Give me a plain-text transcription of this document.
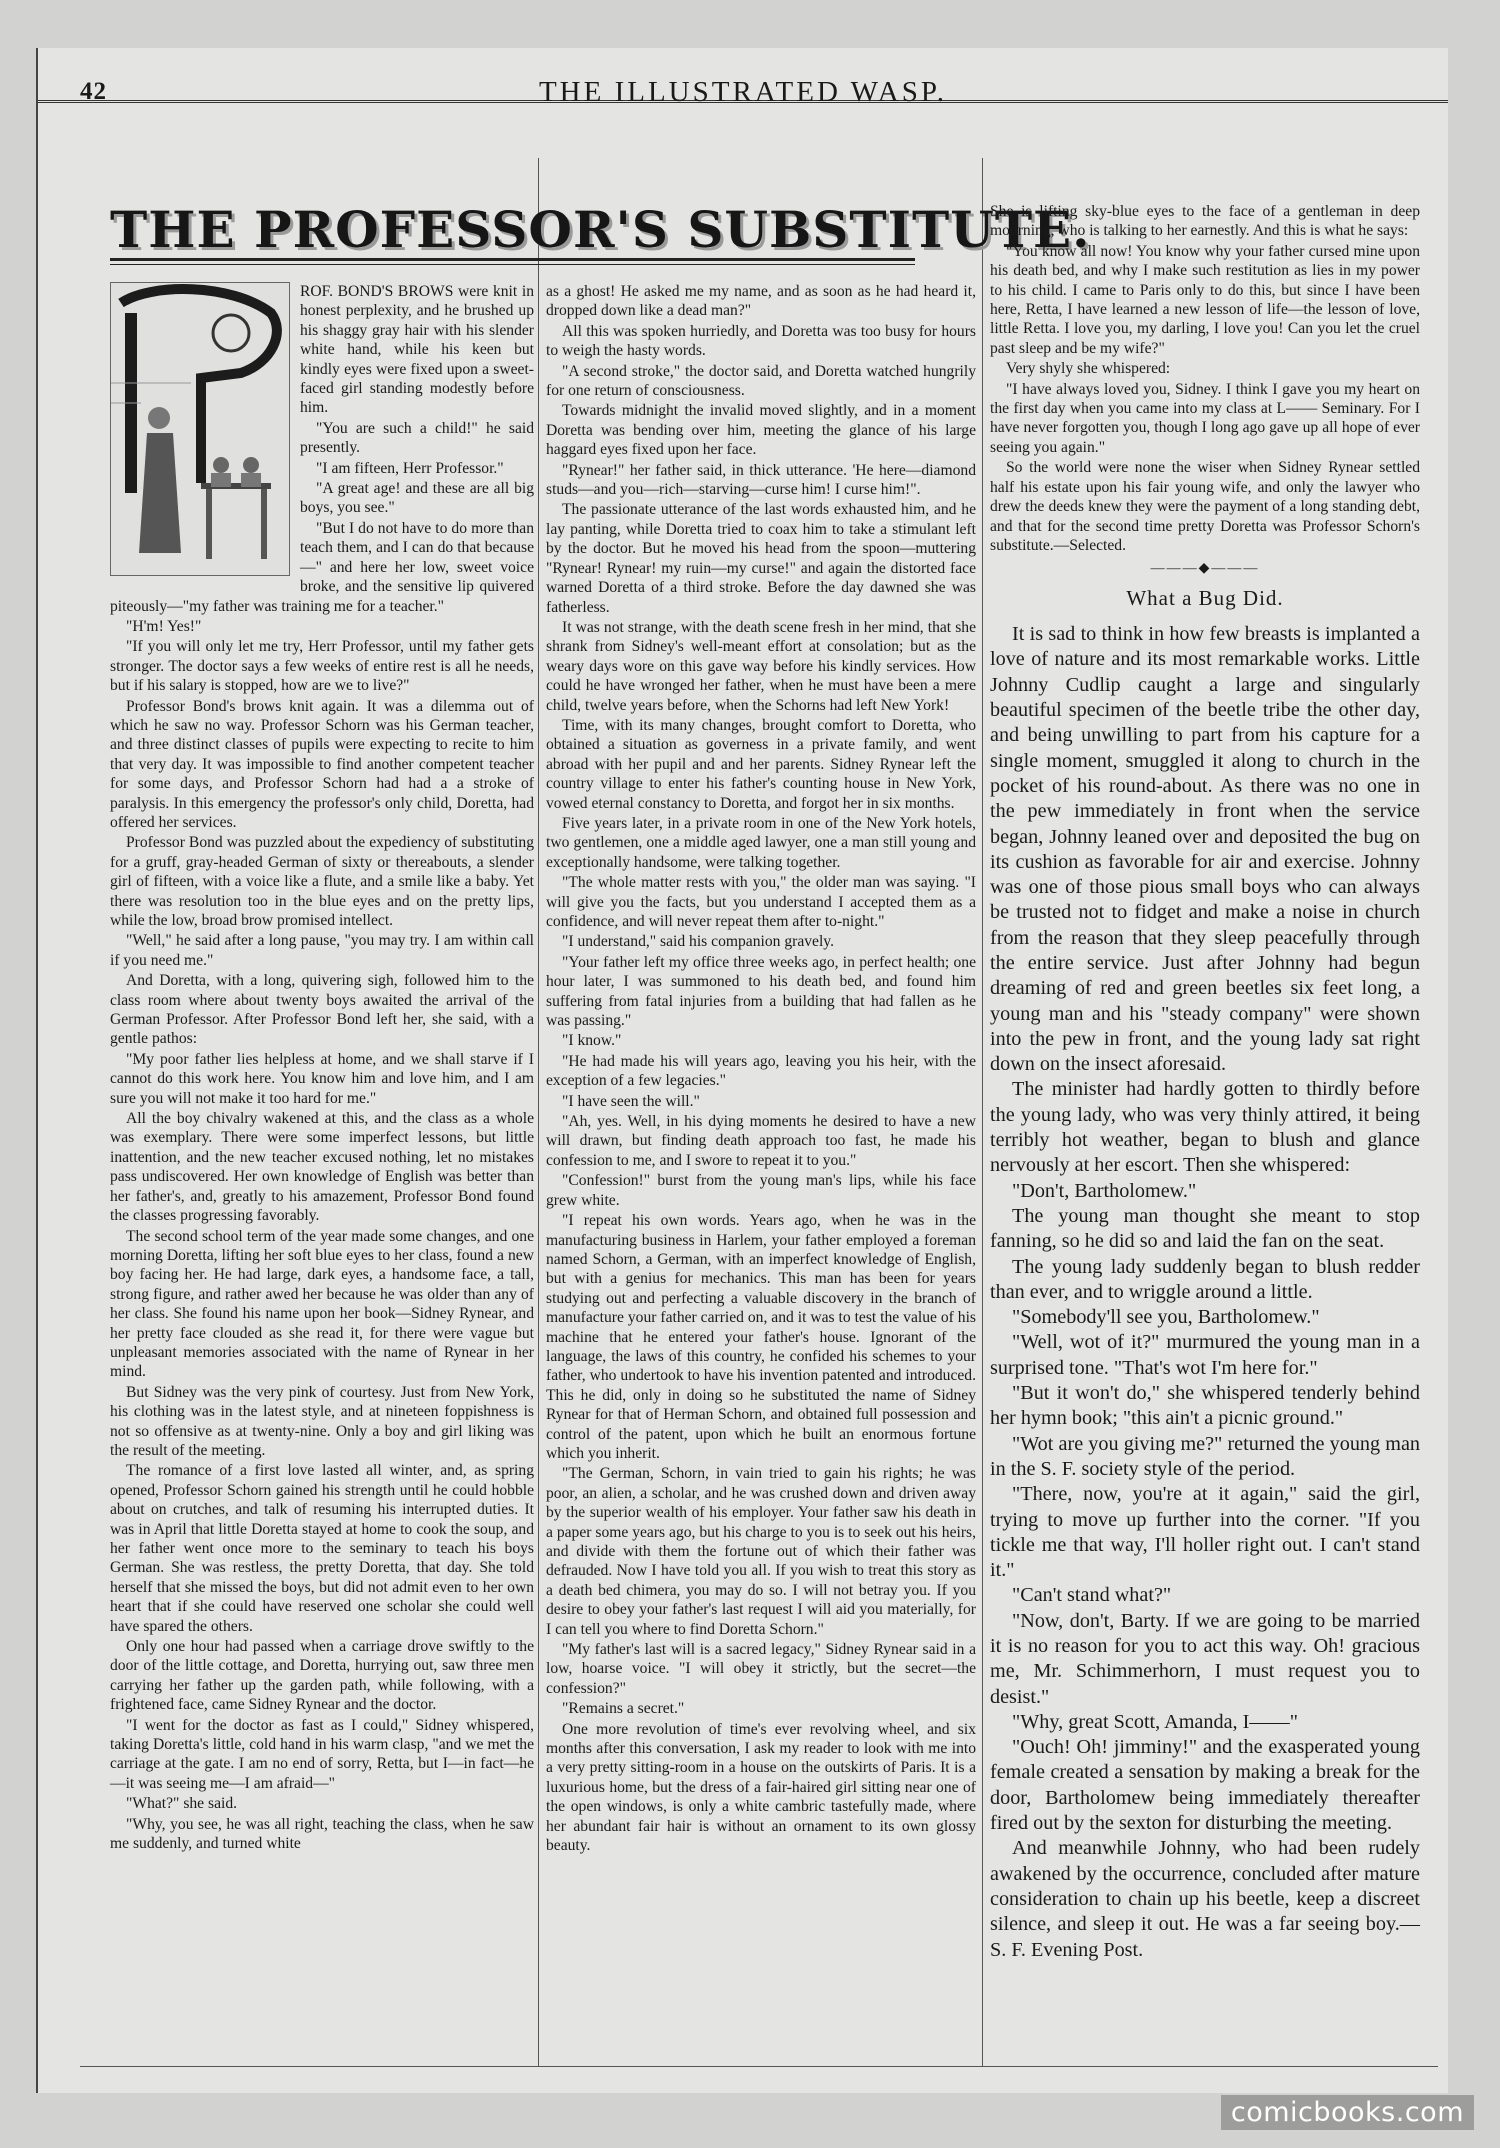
42	THE ILLUSTRATED WASP.
THE PROFESSOR'S SUBSTITUTE.

ROF. BOND'S BROWS were knit in honest perplexity, and he brushed up his shaggy gray hair with his slender white hand, while his keen but kindly eyes were fixed upon a sweet-faced girl standing modestly before him.

"You are such a child!" he said presently.

"I am fifteen, Herr Professor."

"A great age! and these are all big boys, you see."

"But I do not have to do more than teach them, and I can do that because—" and here her low, sweet voice broke, and the sensitive lip quivered piteously—"my father was training me for a teacher."

"H'm! Yes!"

"If you will only let me try, Herr Professor, until my father gets stronger. The doctor says a few weeks of entire rest is all he needs, but if his salary is stopped, how are we to live?"

Professor Bond's brows knit again. It was a dilemma out of which he saw no way. Professor Schorn was his German teacher, and three distinct classes of pupils were expecting to recite to him that very day. It was impossible to find another competent teacher for some days, and Professor Schorn had had a a stroke of paralysis. In this emergency the professor's only child, Doretta, had offered her services.

Professor Bond was puzzled about the expediency of substituting for a gruff, gray-headed German of sixty or thereabouts, a slender girl of fifteen, with a voice like a flute, and a smile like a baby. Yet there was resolution too in the blue eyes and on the pretty lips, while the low, broad brow promised intellect.

"Well," he said after a long pause, "you may try. I am within call if you need me."

And Doretta, with a long, quivering sigh, followed him to the class room where about twenty boys awaited the arrival of the German Professor. After Professor Bond left her, she said, with a gentle pathos:

"My poor father lies helpless at home, and we shall starve if I cannot do this work here. You know him and love him, and I am sure you will not make it too hard for me."

All the boy chivalry wakened at this, and the class as a whole was exemplary. There were some imperfect lessons, but little inattention, and the new teacher excused nothing, let no mistakes pass undiscovered. Her own knowledge of English was better than her father's, and, greatly to his amazement, Professor Bond found the classes progressing favorably.

The second school term of the year made some changes, and one morning Doretta, lifting her soft blue eyes to her class, found a new boy facing her. He had large, dark eyes, a handsome face, a tall, strong figure, and rather awed her because he was older than any of her class. She found his name upon her book—Sidney Rynear, and her pretty face clouded as she read it, for there were vague but unpleasant memories associated with the name of Rynear in her mind.

But Sidney was the very pink of courtesy. Just from New York, his clothing was in the latest style, and at nineteen foppishness is not so offensive as at twenty-nine. Only a boy and girl liking was the result of the meeting.

The romance of a first love lasted all winter, and, as spring opened, Professor Schorn gained his strength until he could hobble about on crutches, and talk of resuming his interrupted duties. It was in April that little Doretta stayed at home to cook the soup, and her father went once more to the seminary to teach his boys German. She was restless, the pretty Doretta, that day. She told herself that she missed the boys, but did not admit even to her own heart that if she could have reserved one scholar she could well have spared the others.

Only one hour had passed when a carriage drove swiftly to the door of the little cottage, and Doretta, hurrying out, saw three men carrying her father up the garden path, while following, with a frightened face, came Sidney Rynear and the doctor.

"I went for the doctor as fast as I could," Sidney whispered, taking Doretta's little, cold hand in his warm clasp, "and we met the carriage at the gate. I am no end of sorry, Retta, but I—in fact—he—it was seeing me—I am afraid—"

"What?" she said.

"Why, you see, he was all right, teaching the class, when he saw me suddenly, and turned white

as a ghost! He asked me my name, and as soon as he had heard it, dropped down like a dead man?"

All this was spoken hurriedly, and Doretta was too busy for hours to weigh the hasty words.

"A second stroke," the doctor said, and Doretta watched hungrily for one return of consciousness.

Towards midnight the invalid moved slightly, and in a moment Doretta was bending over him, meeting the glance of his large haggard eyes fixed upon her face.

"Rynear!" her father said, in thick utterance. 'He here—diamond studs—and you—rich—starving—curse him! I curse him!".

The passionate utterance of the last words exhausted him, and he lay panting, while Doretta tried to coax him to take a stimulant left by the doctor. But he moved his head from the spoon—muttering "Rynear! Rynear! my ruin—my curse!" and again the distorted face warned Doretta of a third stroke. Before the day dawned she was fatherless.

It was not strange, with the death scene fresh in her mind, that she shrank from Sidney's well-meant effort at consolation; but as the weary days wore on this gave way before his kindly services. How could he have wronged her father, when he must have been a mere child, twelve years before, when the Schorns had left New York!

Time, with its many changes, brought comfort to Doretta, who obtained a situation as governess in a private family, and went abroad with her pupil and and her parents. Sidney Rynear left the country village to enter his father's counting house in New York, vowed eternal constancy to Doretta, and forgot her in six months.

Five years later, in a private room in one of the New York hotels, two gentlemen, one a middle aged lawyer, one a man still young and exceptionally handsome, were talking together.

"The whole matter rests with you," the older man was saying. "I will give you the facts, but you understand I accepted them as a confidence, and will never repeat them after to-night."

"I understand," said his companion gravely.

"Your father left my office three weeks ago, in perfect health; one hour later, I was summoned to his death bed, and found him suffering from fatal injuries from a building that had fallen as he was passing."

"I know."

"He had made his will years ago, leaving you his heir, with the exception of a few legacies."

"I have seen the will."

"Ah, yes. Well, in his dying moments he desired to have a new will drawn, but finding death approach too fast, he made his confession to me, and I swore to repeat it to you."

"Confession!" burst from the young man's lips, while his face grew white.

"I repeat his own words. Years ago, when he was in the manufacturing business in Harlem, your father employed a foreman named Schorn, a German, with an imperfect knowledge of English, but with a genius for mechanics. This man has been for years studying out and perfecting a valuable discovery in the branch of manufacture your father carried on, and it was to test the value of his machine that he entered your father's house. Ignorant of the language, the laws of this country, he confided his schemes to your father, who undertook to have his invention patented and introduced. This he did, only in doing so he substituted the name of Sidney Rynear for that of Herman Schorn, and obtained full possession and control of the patent, upon which he built an enormous fortune which you inherit.

"The German, Schorn, in vain tried to gain his rights; he was poor, an alien, a scholar, and he was crushed down and driven away by the superior wealth of his employer. Your father saw his death in a paper some years ago, but his charge to you is to seek out his heirs, and divide with them the fortune out of which their father was defrauded. Now I have told you all. If you wish to treat this story as a death bed chimera, you may do so. I will not betray you. If you desire to obey your father's last request I will aid you materially, for I can tell you where to find Doretta Schorn."

"My father's last will is a sacred legacy," Sidney Rynear said in a low, hoarse voice. "I will obey it strictly, but the secret—the confession?"

"Remains a secret."

One more revolution of time's ever revolving wheel, and six months after this conversation, I ask my reader to look with me into a very pretty sitting-room in a house on the outskirts of Paris. It is a luxurious home, but the dress of a fair-haired girl sitting near one of the open windows, is only a white cambric tastefully made, where her abundant fair hair is without an ornament to its own glossy beauty.

She is lifting sky-blue eyes to the face of a gentleman in deep mourning, who is talking to her earnestly. And this is what he says:

"You know all now! You know why your father cursed mine upon his death bed, and why I make such restitution as lies in my power to his child. I came to Paris only to do this, but since I have been here, Retta, I have learned a new lesson of life—the lesson of love, little Retta. I love you, my darling, I love you! Can you let the cruel past sleep and be my wife?"

Very shyly she whispered:

"I have always loved you, Sidney. I think I gave you my heart on the first day when you came into my class at L—— Seminary. For I have never forgotten you, though I long ago gave up all hope of ever seeing you again."

So the world were none the wiser when Sidney Rynear settled half his estate upon his fair young wife, and only the lawyer who drew the deeds knew they were the payment of a long standing debt, and that for the second time pretty Doretta was Professor Schorn's substitute.—Selected.

———◆———
What a Bug Did.

It is sad to think in how few breasts is implanted a love of nature and its most remarkable works. Little Johnny Cudlip caught a large and singularly beautiful specimen of the beetle tribe the other day, and being unwilling to part from his capture for a single moment, smuggled it along to church in the pocket of his round-about. As there was no one in the pew immediately in front when the service began, Johnny leaned over and deposited the bug on its cushion as favorable for air and exercise. Johnny was one of those pious small boys who can always be trusted not to fidget and make a noise in church from the reason that they sleep peacefully through the entire service. Just after Johnny had begun dreaming of red and green beetles six feet long, a young man and his "steady company" were shown into the pew in front, and the young lady sat right down on the insect aforesaid.

The minister had hardly gotten to thirdly before the young lady, who was very thinly attired, it being terribly hot weather, began to blush and glance nervously at her escort. Then she whispered:

"Don't, Bartholomew."

The young man thought she meant to stop fanning, so he did so and laid the fan on the seat.

The young lady suddenly began to blush redder than ever, and to wriggle around a little.

"Somebody'll see you, Bartholomew."

"Well, wot of it?" murmured the young man in a surprised tone. "That's wot I'm here for."

"But it won't do," she whispered tenderly behind her hymn book; "this ain't a picnic ground."

"Wot are you giving me?" returned the young man in the S. F. society style of the period.

"There, now, you're at it again," said the girl, trying to move up further into the corner. "If you tickle me that way, I'll holler right out. I can't stand it."

"Can't stand what?"

"Now, don't, Barty. If we are going to be married it is no reason for you to act this way. Oh! gracious me, Mr. Schimmerhorn, I must request you to desist."

"Why, great Scott, Amanda, I——"

"Ouch! Oh! jimminy!" and the exasperated young female created a sensation by making a break for the door, Bartholomew being immediately thereafter fired out by the sexton for disturbing the meeting.

And meanwhile Johnny, who had been rudely awakened by the occurrence, concluded after mature consideration to chain up his beetle, keep a discreet silence, and sleep it out. He was a far seeing boy.—S. F. Evening Post.

comicbooks.com
